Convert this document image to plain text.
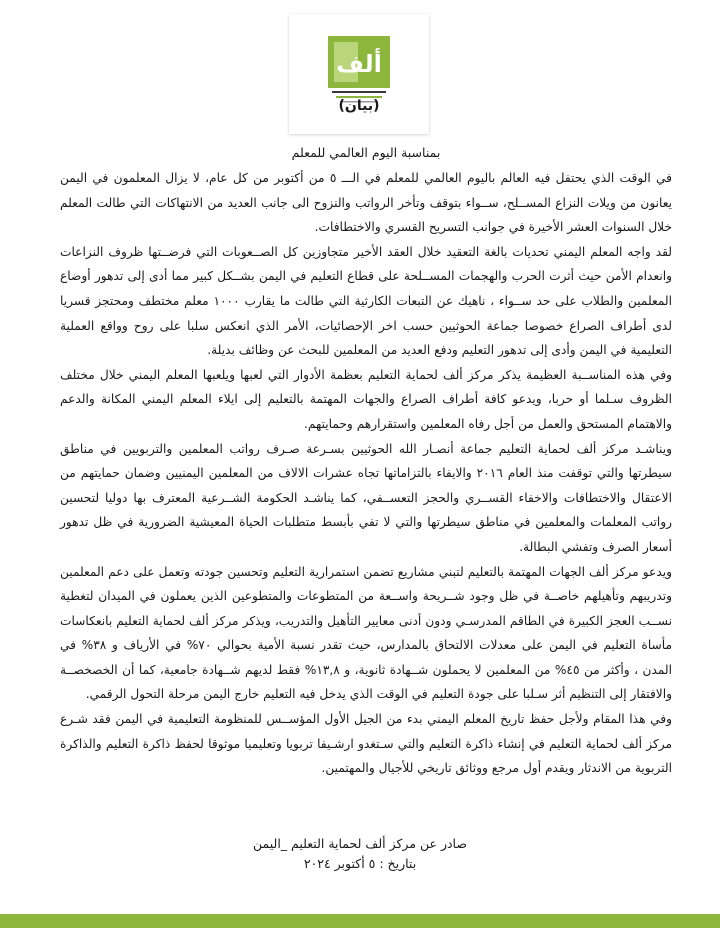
ألف
(بيان)
بمناسبة اليوم العالمي للمعلم

في الوقت الذي يحتفل فيه العالم باليوم العالمي للمعلم في الـــ ٥ من أكتوبر من كل عام، لا يزال المعلمون في اليمن يعانون من ويلات النزاع المســلح، ســواء بتوقف وتأخر الرواتب والنزوح الى جانب العديد من الانتهاكات التي طالت المعلم خلال السنوات العشر الأخيرة في جوانب التسريح القسري والاختطافات.

لقد واجه المعلم اليمني تحديات بالغة التعقيد خلال العقد الأخير متجاوزين كل الصــعوبات التي فرضــتها ظروف النزاعات وانعدام الأمن حيث أثرت الحرب والهجمات المســلحة على قطاع التعليم في اليمن بشــكل كبير مما أدى إلى تدهور أوضاع المعلمين والطلاب على حد ســواء ، ناهيك عن التبعات الكارثية التي طالت ما يقارب ١٠٠٠ معلم مختطف ومحتجز قسريا لدى أطراف الصراع خصوصا جماعة الحوثيين حسب اخر الإحصائيات، الأمر الذي انعكس سلبا على روح وواقع العملية التعليمية في اليمن وأدى إلى تدهور التعليم ودفع العديد من المعلمين للبحث عن وظائف بديلة.

وفي هذه المناســبة العظيمة يذكر مركز ألف لحماية التعليم بعظمة الأدوار التي لعبها ويلعبها المعلم اليمني خلال مختلف الظروف سـلما أو حربا، ويدعو كافة أطراف الصراع والجهات المهتمة بالتعليم إلى ايلاء المعلم اليمني المكانة والدعم والاهتمام المستحق والعمل من أجل رفاه المعلمين واستقرارهم وحمايتهم.

ويناشـد مركز ألف لحماية التعليم جماعة أنصـار الله الحوثيين بسـرعة صـرف رواتب المعلمين والتربويين في مناطق سيطرتها والتي توقفت منذ العام ٢٠١٦ والايفاء بالتزاماتها تجاه عشرات الالاف من المعلمين اليمنيين وضمان حمايتهم من الاعتقال والاختطافات والاخفاء القســري والحجز التعســفي، كما يناشـد الحكومة الشــرعية المعترف بها دوليا لتحسين رواتب المعلمات والمعلمين في مناطق سيطرتها والتي لا تفي بأبسط متطلبات الحياة المعيشية الضرورية في ظل تدهور أسعار الصرف وتفشي البطالة.

ويدعو مركز ألف الجهات المهتمة بالتعليم لتبني مشاريع تضمن استمرارية التعليم وتحسين جودته وتعمل على دعم المعلمين وتدريبهم وتأهيلهم خاصــة في ظل وجود شــريحة واســعة من المتطوعات والمتطوعين الذين يعملون في الميدان لتغطية نســب العجز الكبيرة في الطاقم المدرسـي ودون أدنى معايير التأهيل والتدريب، ويذكر مركز ألف لحماية التعليم بانعكاسات مأساة التعليم في اليمن على معدلات الالتحاق بالمدارس، حيث تقدر نسبة الأمية بحوالي ٧٠% في الأرياف و ٣٨% في المدن ، وأكثر من ٤٥% من المعلمين لا يحملون شــهادة ثانوية، و ١٣,٨% فقط لديهم شــهادة جامعية، كما أن الخصخصــة والافتقار إلى التنظيم أثر سـلبا على جودة التعليم في الوقت الذي يدخل فيه التعليم خارج اليمن مرحلة التحول الرقمي.

وفي هذا المقام ولأجل حفظ تاريخ المعلم اليمني بدء من الجيل الأول المؤســس للمنظومة التعليمية في اليمن فقد شـرع مركز ألف لحماية التعليم في إنشاء ذاكرة التعليم والتي سـتغدو ارشـيفا تربويا وتعليميا موثوقا لحفظ ذاكرة التعليم والذاكرة التربوية من الاندثار ويقدم أول مرجع ووثائق تاريخي للأجيال والمهتمين.

صادر عن مركز ألف لحماية التعليم _اليمن
بتاريخ : ٥ أكتوبر ٢٠٢٤
